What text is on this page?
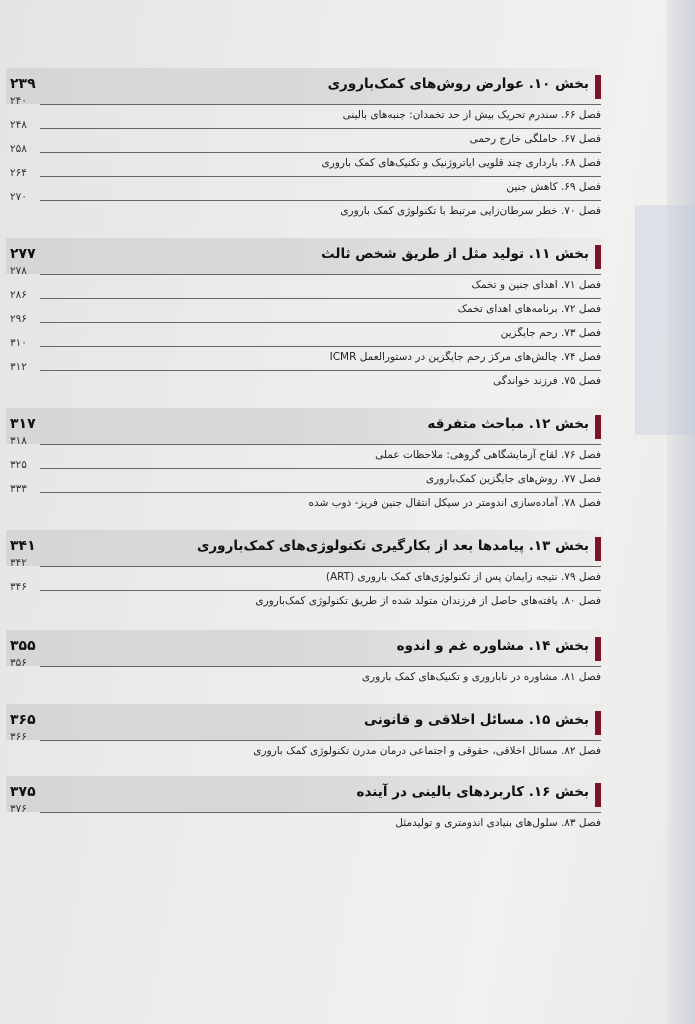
بخش ۱۰. عوارض روش‌های کمک‌باروری
۲۳۹
فصل ۶۶. سندرم تحریک بیش از حد تخمدان: جنبه‌های بالینی
۲۴۰
فصل ۶۷. حاملگی خارج رحمی
۲۴۸
فصل ۶۸. بارداری چند قلویی ایاتروژنیک و تکنیک‌های کمک باروری
۲۵۸
فصل ۶۹. کاهش جنین
۲۶۴
فصل ۷۰. خطر سرطان‌زایی مرتبط با تکنولوژی کمک باروری
۲۷۰
بخش ۱۱. تولید مثل از طریق شخص ثالث
۲۷۷
فصل ۷۱. اهدای جنین و تخمک
۲۷۸
فصل ۷۲. برنامه‌های اهدای تخمک
۲۸۶
فصل ۷۳. رحم جایگزین
۲۹۶
فصل ۷۴. چالش‌های مرکز رحم جایگزین در دستورالعمل ICMR
۳۱۰
فصل ۷۵. فرزند خواندگی
۳۱۲
بخش ۱۲. مباحث متفرقه
۳۱۷
فصل ۷۶. لقاح آزمایشگاهی گروهی: ملاحظات عملی
۳۱۸
فصل ۷۷. روش‌های جایگزین کمک‌باروری
۳۲۵
فصل ۷۸. آماده‌سازی اندومتر در سیکل انتقال جنین فریز- ذوب شده
۳۳۳
بخش ۱۳. پیامدها بعد از بکارگیری تکنولوژی‌های کمک‌باروری
۳۴۱
فصل ۷۹. نتیجه زایمان پس از تکنولوژی‌های کمک باروری (ART)
۳۴۲
فصل ۸۰. یافته‌های حاصل از فرزندان متولد شده از طریق تکنولوژی کمک‌باروری
۳۴۶
بخش ۱۴. مشاوره غم و اندوه
۳۵۵
فصل ۸۱. مشاوره در ناباروری و تکنیک‌های کمک باروری
۳۵۶
بخش ۱۵. مسائل اخلاقی و قانونی
۳۶۵
فصل ۸۲. مسائل اخلاقی، حقوقی و اجتماعی درمان مدرن تکنولوژی کمک باروری
۳۶۶
بخش ۱۶. کاربردهای بالینی در آینده
۳۷۵
فصل ۸۳. سلول‌های بنیادی اندومتری و تولیدمثل
۳۷۶
